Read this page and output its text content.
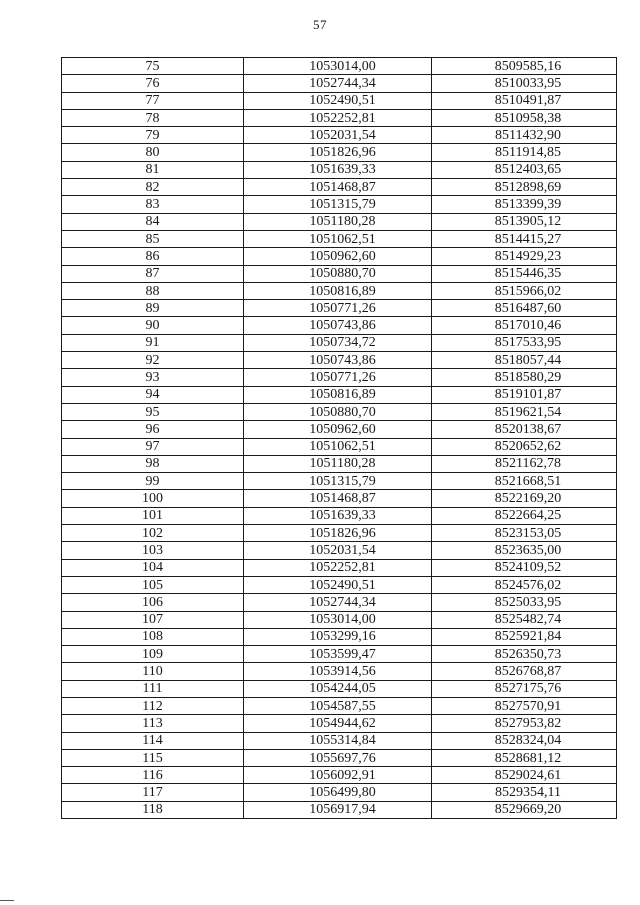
57
75	1053014,00	8509585,16
76	1052744,34	8510033,95
77	1052490,51	8510491,87
78	1052252,81	8510958,38
79	1052031,54	8511432,90
80	1051826,96	8511914,85
81	1051639,33	8512403,65
82	1051468,87	8512898,69
83	1051315,79	8513399,39
84	1051180,28	8513905,12
85	1051062,51	8514415,27
86	1050962,60	8514929,23
87	1050880,70	8515446,35
88	1050816,89	8515966,02
89	1050771,26	8516487,60
90	1050743,86	8517010,46
91	1050734,72	8517533,95
92	1050743,86	8518057,44
93	1050771,26	8518580,29
94	1050816,89	8519101,87
95	1050880,70	8519621,54
96	1050962,60	8520138,67
97	1051062,51	8520652,62
98	1051180,28	8521162,78
99	1051315,79	8521668,51
100	1051468,87	8522169,20
101	1051639,33	8522664,25
102	1051826,96	8523153,05
103	1052031,54	8523635,00
104	1052252,81	8524109,52
105	1052490,51	8524576,02
106	1052744,34	8525033,95
107	1053014,00	8525482,74
108	1053299,16	8525921,84
109	1053599,47	8526350,73
110	1053914,56	8526768,87
111	1054244,05	8527175,76
112	1054587,55	8527570,91
113	1054944,62	8527953,82
114	1055314,84	8528324,04
115	1055697,76	8528681,12
116	1056092,91	8529024,61
117	1056499,80	8529354,11
118	1056917,94	8529669,20
